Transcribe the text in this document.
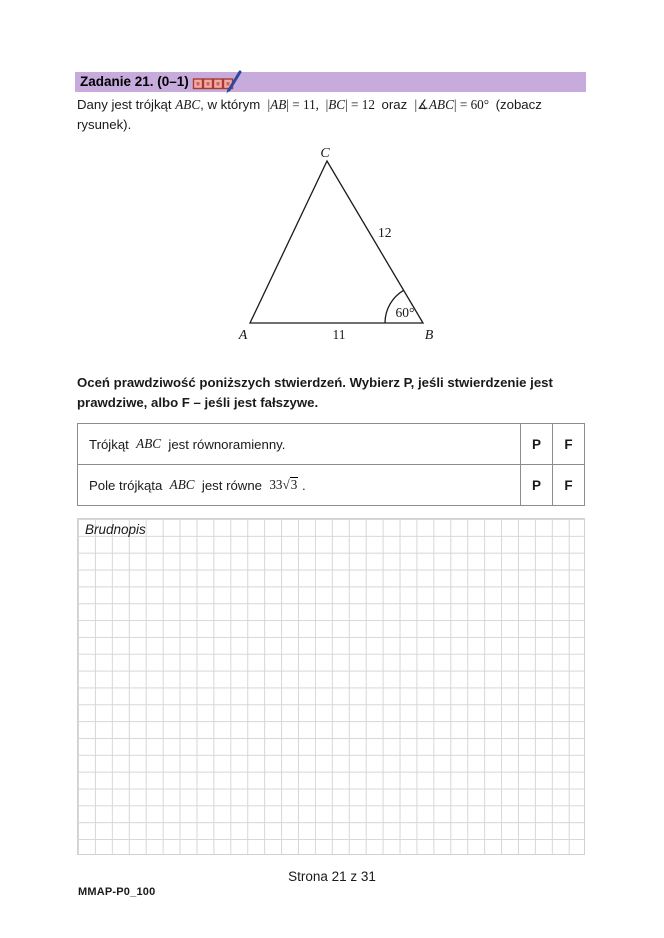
Zadanie 21. (0–1)

Dany jest trójkąt ABC, w którym  |AB| = 11,  |BC| = 12  oraz  |∡ABC| = 60°  (zobacz
rysunek).

C
A	B
12
11
60°

Oceń prawdziwość poniższych stwierdzeń. Wybierz P, jeśli stwierdzenie jest
prawdziwe, albo F – jeśli jest fałszywe.

Trójkąt ABC jest równoramienny.	P	F
Pole trójkąta ABC jest równe 33 √3 .	P	F
Brudnopis
Strona 21 z 31
MMAP-P0_100
